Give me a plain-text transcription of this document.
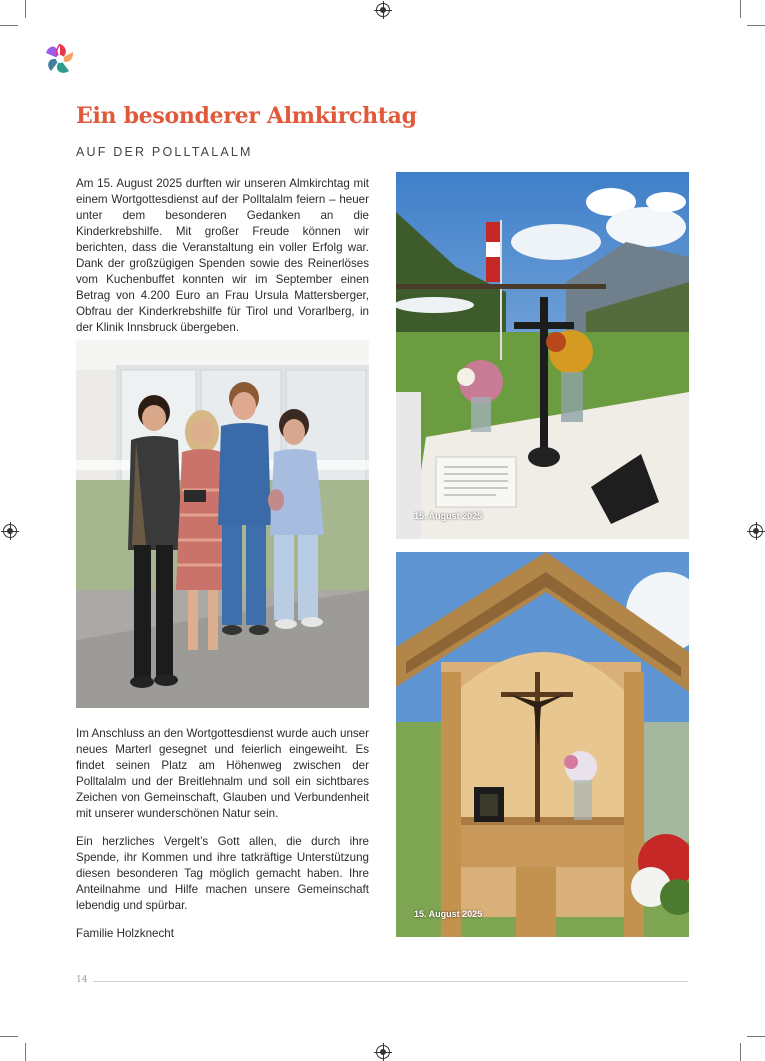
Ein besonderer Almkirchtag

AUF DER POLLTALALM

Am 15. August 2025 durften wir unseren Almkirchtag mit einem Wortgottesdienst auf der Polltalalm feiern – heuer unter dem besonderen Gedanken an die Kinderkrebshilfe. Mit großer Freude können wir berichten, dass die Veranstaltung ein voller Erfolg war. Dank der großzügigen Spenden sowie des Reinerlöses vom Kuchenbuffet konnten wir im September einen Betrag von 4.200 Euro an Frau Ursula Mattersberger, Obfrau der Kinderkrebshilfe für Tirol und Vorarlberg, in der Klinik Innsbruck übergeben.

Im Anschluss an den Wortgottesdienst wurde auch unser neues Marterl gesegnet und feierlich eingeweiht. Es findet seinen Platz am Höhenweg zwischen der Polltalalm und der Breitlehnalm und soll ein sichtbares Zeichen von Gemeinschaft, Glauben und Verbundenheit mit unserer wunderschönen Natur sein.

Ein herzliches Vergelt’s Gott allen, die durch ihre Spende, ihr Kommen und ihre tatkräftige Unterstützung diesen besonderen Tag möglich gemacht haben. Ihre Anteilnahme und Hilfe machen unsere Gemeinschaft lebendig und spürbar.

Familie Holzknecht

15. August 2025
15. August 2025
14
